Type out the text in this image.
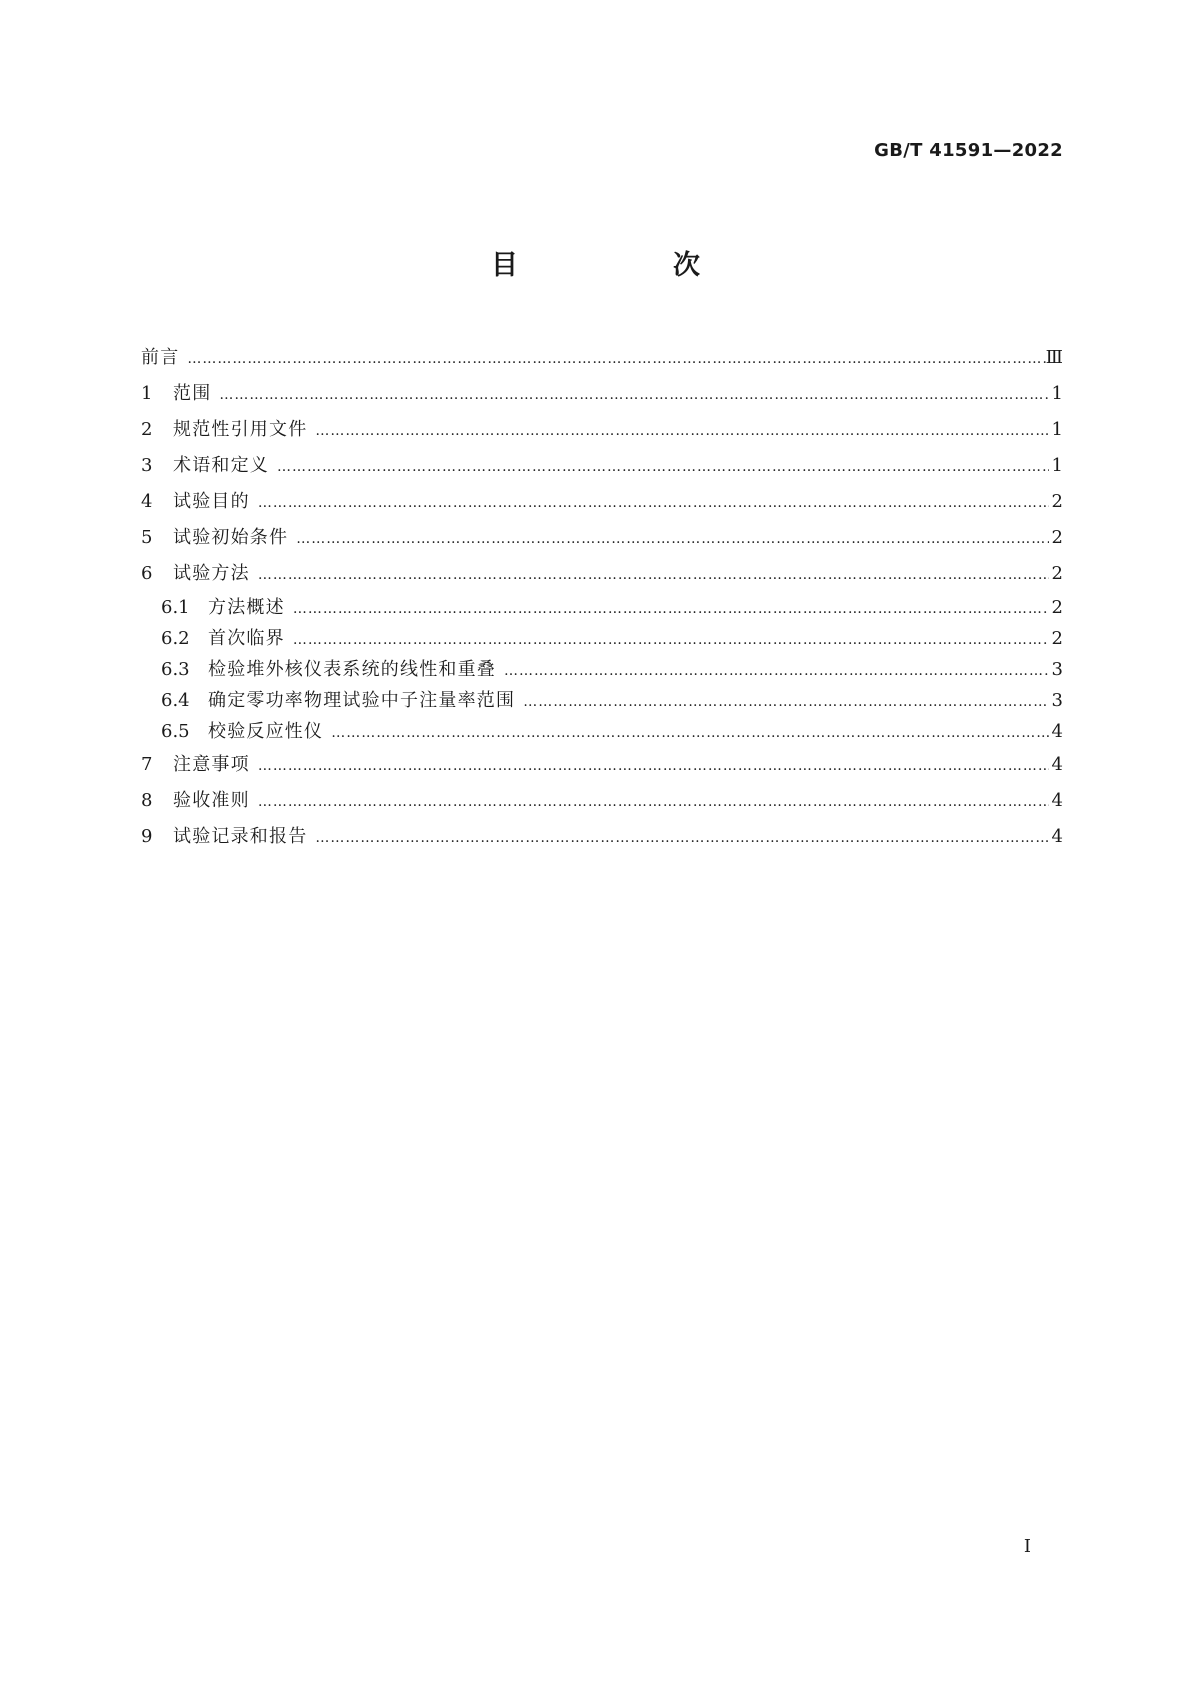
GB/T 41591—2022
目　次
前言 ……………………………………………………………………………………………………………………………………………………………………………………………………	Ⅲ
1	范围 ……………………………………………………………………………………………………………………………………………………………………………………………………	1
2	规范性引用文件 ……………………………………………………………………………………………………………………………………………………………………………………………………	1
3	术语和定义 ……………………………………………………………………………………………………………………………………………………………………………………………………	1
4	试验目的 ……………………………………………………………………………………………………………………………………………………………………………………………………	2
5	试验初始条件 ……………………………………………………………………………………………………………………………………………………………………………………………………	2
6	试验方法 ……………………………………………………………………………………………………………………………………………………………………………………………………	2
6.1	方法概述 ……………………………………………………………………………………………………………………………………………………………………………………………………	2
6.2	首次临界 ……………………………………………………………………………………………………………………………………………………………………………………………………	2
6.3	检验堆外核仪表系统的线性和重叠 ……………………………………………………………………………………………………………………………………………………………………………………………………	3
6.4	确定零功率物理试验中子注量率范围 ……………………………………………………………………………………………………………………………………………………………………………………………………	3
6.5	校验反应性仪 ……………………………………………………………………………………………………………………………………………………………………………………………………	4
7	注意事项 ……………………………………………………………………………………………………………………………………………………………………………………………………	4
8	验收准则 ……………………………………………………………………………………………………………………………………………………………………………………………………	4
9	试验记录和报告 ……………………………………………………………………………………………………………………………………………………………………………………………………	4
Ⅰ
